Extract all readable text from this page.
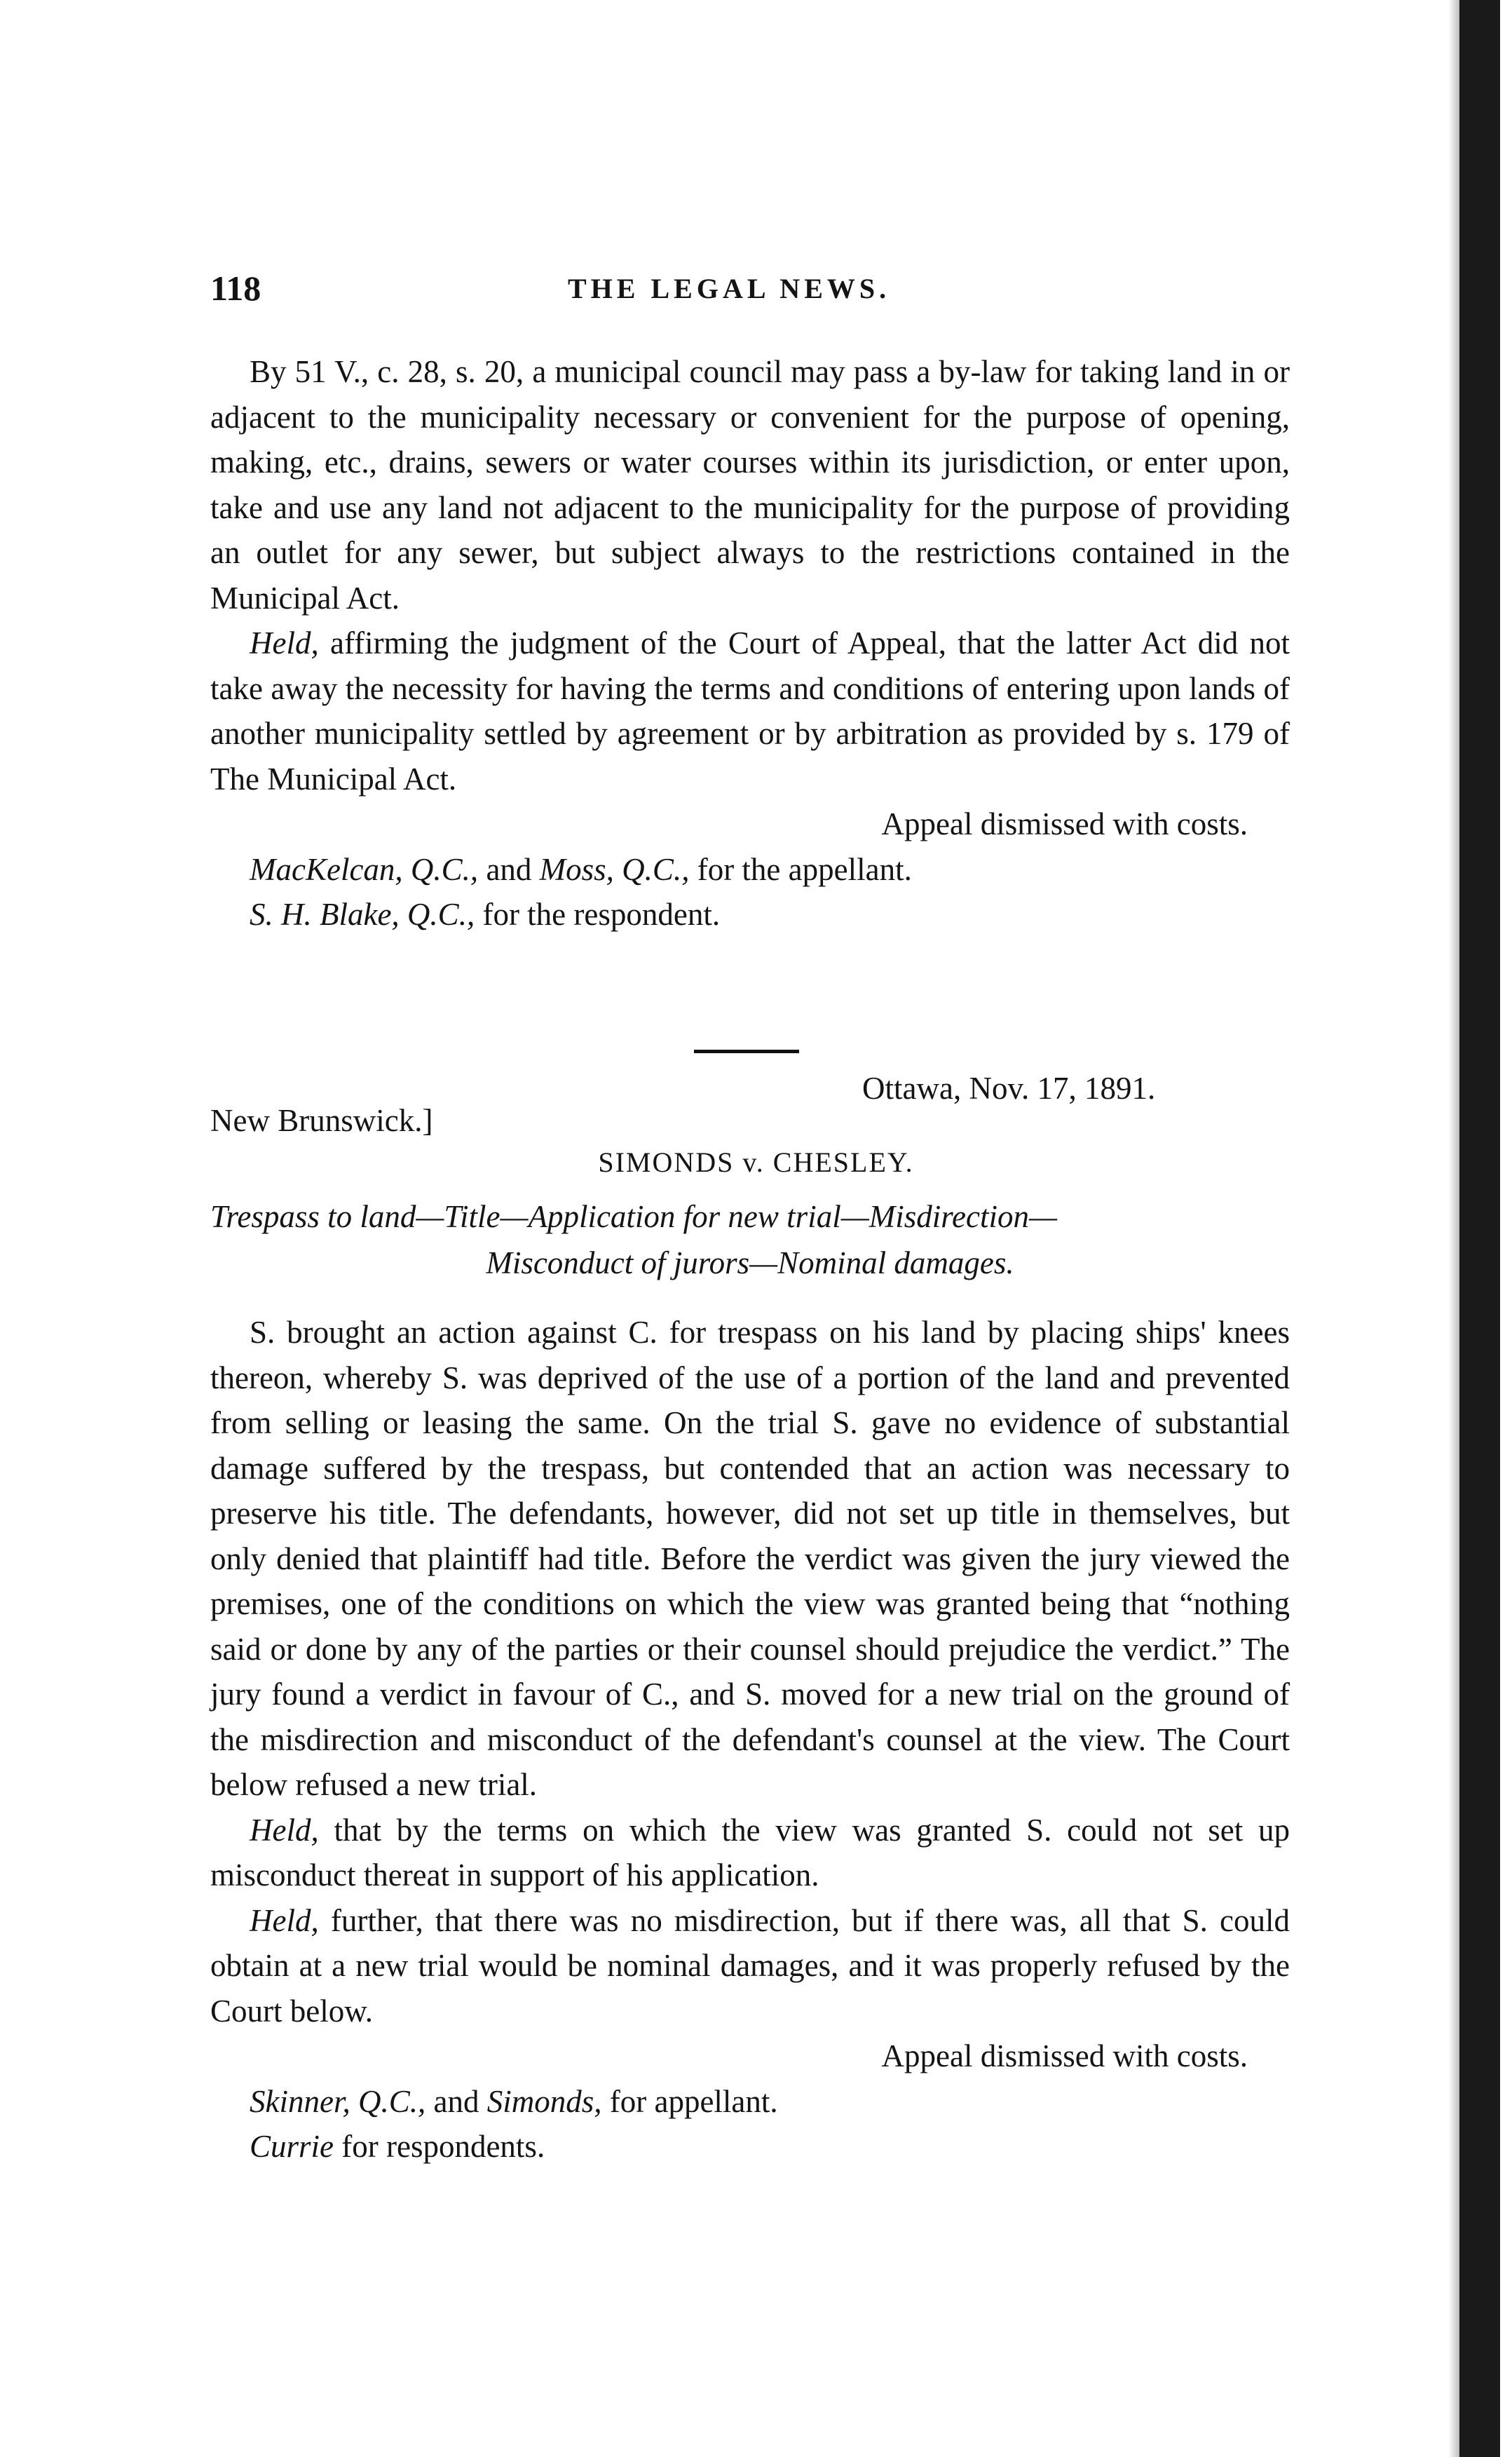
118	THE LEGAL NEWS.

By 51 V., c. 28, s. 20, a municipal council may pass a by-law for taking land in or adjacent to the municipality necessary or convenient for the purpose of opening, making, etc., drains, sewers or water courses within its jurisdiction, or enter upon, take and use any land not adjacent to the municipality for the purpose of providing an outlet for any sewer, but subject always to the restrictions contained in the Municipal Act.

Held, affirming the judgment of the Court of Appeal, that the latter Act did not take away the necessity for having the terms and conditions of entering upon lands of another municipality settled by agreement or by arbitration as provided by s. 179 of The Municipal Act.

Appeal dismissed with costs.

MacKelcan, Q.C., and Moss, Q.C., for the appellant.

S. H. Blake, Q.C., for the respondent.

Ottawa, Nov. 17, 1891.
New Brunswick.]
SIMONDS v. CHESLEY.
Trespass to land—Title—Application for new trial—Misdirection—
Misconduct of jurors—Nominal damages.

S. brought an action against C. for trespass on his land by placing ships' knees thereon, whereby S. was deprived of the use of a portion of the land and prevented from selling or leasing the same. On the trial S. gave no evidence of substantial damage suffered by the trespass, but contended that an action was necessary to preserve his title. The defendants, however, did not set up title in themselves, but only denied that plaintiff had title. Before the verdict was given the jury viewed the premises, one of the conditions on which the view was granted being that “nothing said or done by any of the parties or their counsel should prejudice the verdict.” The jury found a verdict in favour of C., and S. moved for a new trial on the ground of the misdirection and misconduct of the defendant's counsel at the view. The Court below refused a new trial.

Held, that by the terms on which the view was granted S. could not set up misconduct thereat in support of his application.

Held, further, that there was no misdirection, but if there was, all that S. could obtain at a new trial would be nominal damages, and it was properly refused by the Court below.

Appeal dismissed with costs.

Skinner, Q.C., and Simonds, for appellant.

Currie for respondents.
